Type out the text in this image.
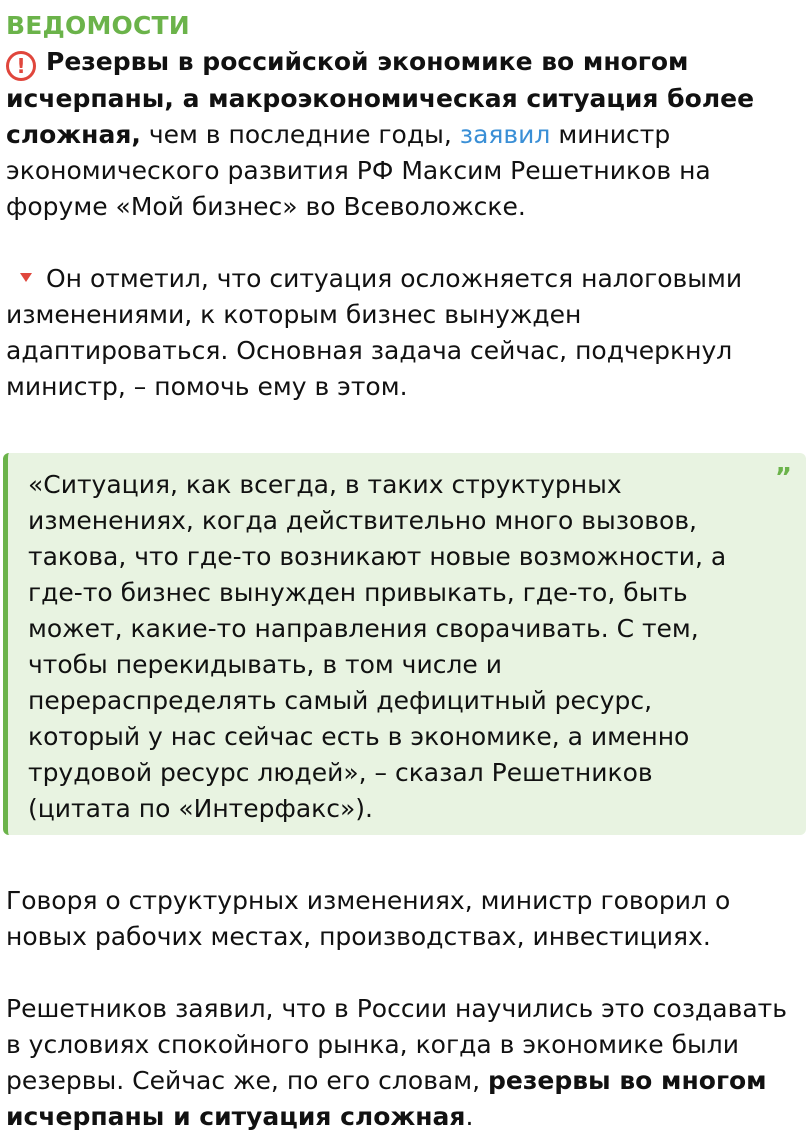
ВЕДОМОСТИ

! Резервы в российской экономике во многом исчерпаны, а макроэкономическая ситуация более сложная, чем в последние годы, заявил министр экономического развития РФ Максим Решетников на форуме «Мой бизнес» во Всеволожске.

Он отметил, что ситуация осложняется налоговыми изменениями, к которым бизнес вынужден адаптироваться. Основная задача сейчас, подчеркнул министр, – помочь ему в этом.

”
«Ситуация, как всегда, в таких структурных изменениях, когда действительно много вызовов, такова, что где-то возникают новые возможности, а где-то бизнес вынужден привыкать, где-то, быть может, какие-то направления сворачивать. С тем, чтобы перекидывать, в том числе и перераспределять самый дефицитный ресурс, который у нас сейчас есть в экономике, а именно трудовой ресурс людей», – сказал Решетников (цитата по «Интерфакс»).

Говоря о структурных изменениях, министр говорил о новых рабочих местах, производствах, инвестициях.

Решетников заявил, что в России научились это создавать в условиях спокойного рынка, когда в экономике были резервы. Сейчас же, по его словам, резервы во многом исчерпаны и ситуация сложная.
